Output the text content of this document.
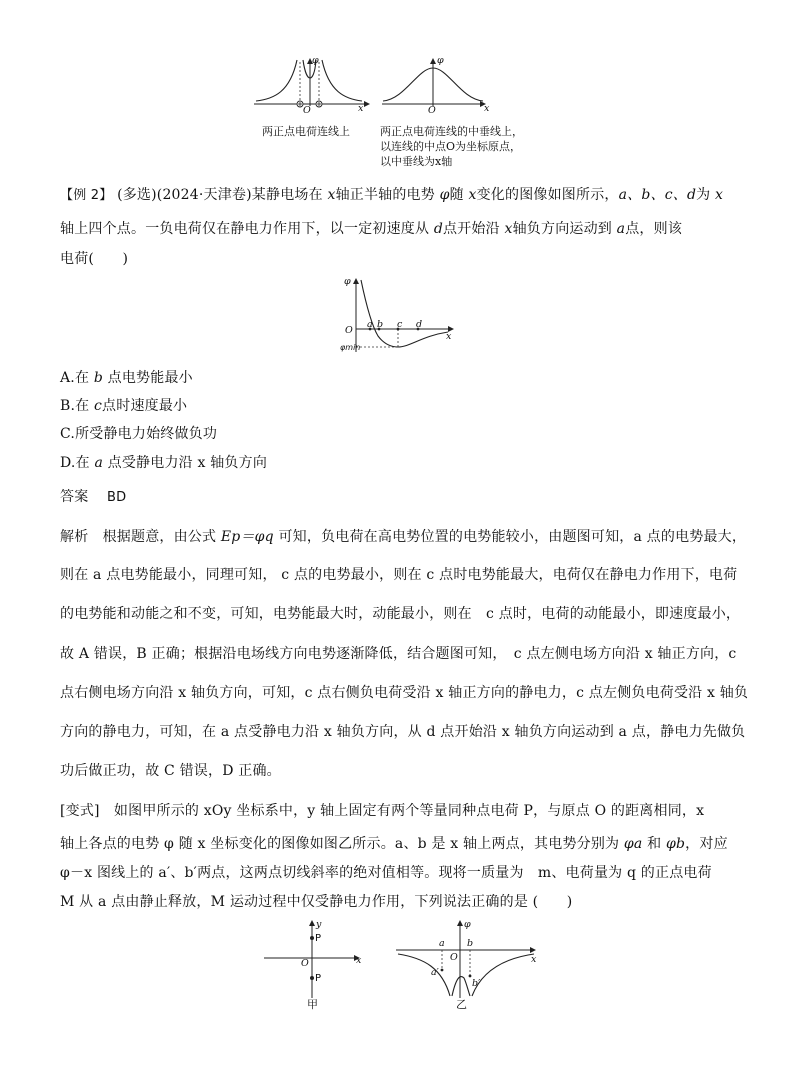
φ
x
O
两正点电荷连线上
φ
x
O
两正点电荷连线的中垂线上，
以连线的中点O为坐标原点，
以中垂线为x轴
【例 2】 (多选)(2024·天津卷)某静电场在 x轴正半轴的电势 φ随 x变化的图像如图所示，a、b、c、d为 x
轴上四个点。一负电荷仅在静电力作用下，以一定初速度从 d点开始沿 x轴负方向运动到 a点，则该
电荷(　　)
φ
x
O
a b c d
φmin
A.在 b 点电势能最小
B.在 c点时速度最小
C.所受静电力始终做负功
D.在 a 点受静电力沿 x 轴负方向
答案 BD
解析　根据题意，由公式 Ep＝φq 可知，负电荷在高电势位置的电势能较小，由题图可知，a 点的电势最大，
则在 a 点电势能最小，同理可知， c 点的电势最小，则在 c 点时电势能最大，电荷仅在静电力作用下，电荷
的电势能和动能之和不变，可知，电势能最大时，动能最小，则在　c 点时，电荷的动能最小，即速度最小，
故 A 错误，B 正确；根据沿电场线方向电势逐渐降低，结合题图可知，　c 点左侧电场方向沿 x 轴正方向，c
点右侧电场方向沿 x 轴负方向，可知，c 点右侧负电荷受沿 x 轴正方向的静电力，c 点左侧负电荷受沿 x 轴负
方向的静电力，可知，在 a 点受静电力沿 x 轴负方向，从 d 点开始沿 x 轴负方向运动到 a 点，静电力先做负
功后做正功，故 C 错误，D 正确。
[变式]　如图甲所示的 xOy 坐标系中，y 轴上固定有两个等量同种点电荷 P，与原点 O 的距离相同，x
轴上各点的电势 φ 随 x 坐标变化的图像如图乙所示。a、b 是 x 轴上两点，其电势分别为 φa 和 φb，对应
φ－x 图线上的 a′、b′两点，这两点切线斜率的绝对值相等。现将一质量为　m、电荷量为 q 的正点电荷
M 从 a 点由静止释放，M 运动过程中仅受静电力作用，下列说法正确的是 (　　)
y
x
P
P
O
甲
φ
x
O
a b
a′
b′
乙
